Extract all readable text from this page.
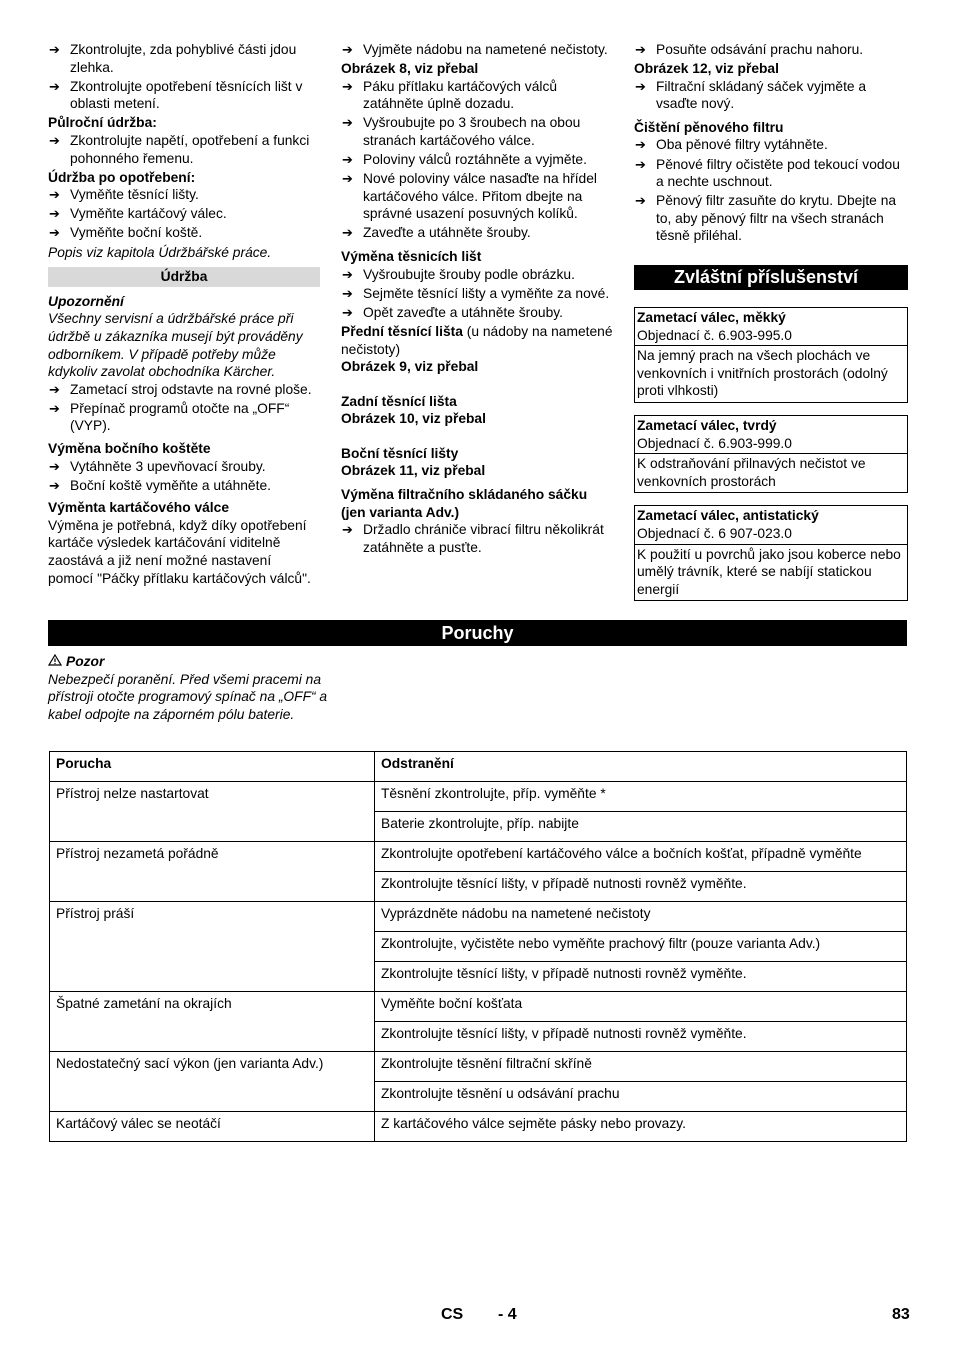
➔ Zkontrolujte, zda pohyblivé části jdou zlehka.
➔ Zkontrolujte opotřebení těsnících lišt v oblasti metení.
Půlroční údržba:
➔ Zkontrolujte napětí, opotřebení a funkci pohonného řemenu.
Údržba po opotřebení:
➔ Vyměňte těsnící lišty.
➔ Vyměňte kartáčový válec.
➔ Vyměňte boční koště.
Popis viz kapitola Údržbářské práce.
Údržba
Upozornění
Všechny servisní a údržbářské práce při údržbě u zákazníka musejí být prováděny odborníkem. V případě potřeby může kdykoliv zavolat obchodníka Kärcher.
➔ Zametací stroj odstavte na rovné ploše.
➔ Přepínač programů otočte na „OFF“ (VYP).
Výměna bočního koštěte
➔ Vytáhněte 3 upevňovací šrouby.
➔ Boční koště vyměňte a utáhněte.
Výměnta kartáčového válce
Výměna je potřebná, když díky opotřebení kartáče výsledek kartáčování viditelně zaostává a již není možné nastavení pomocí "Páčky přítlaku kartáčových válců".
➔ Vyjměte nádobu na nametené nečistoty.
Obrázek 8, viz přebal
➔ Páku přítlaku kartáčových válců zatáhněte úplně dozadu.
➔ Vyšroubujte po 3 šroubech na obou stranách kartáčového válce.
➔ Poloviny válců roztáhněte a vyjměte.
➔ Nové poloviny válce nasaďte na hřídel kartáčového válce. Přitom dbejte na správné usazení posuvných kolíků.
➔ Zaveďte a utáhněte šrouby.
Výměna těsnicích lišt
➔ Vyšroubujte šrouby podle obrázku.
➔ Sejměte těsnící lišty a vyměňte za nové.
➔ Opět zaveďte a utáhněte šrouby.
Přední těsnící lišta (u nádoby na nametené nečistoty)
Obrázek 9, viz přebal
Zadní těsnící lišta
Obrázek 10, viz přebal
Boční těsnící lišty
Obrázek 11, viz přebal
Výměna filtračního skládaného sáčku (jen varianta Adv.)
➔ Držadlo chrániče vibrací filtru několikrát zatáhněte a pusťte.
➔ Posuňte odsávání prachu nahoru.
Obrázek 12, viz přebal
➔ Filtrační skládaný sáček vyjměte a vsaďte nový.
Čištění pěnového filtru
➔ Oba pěnové filtry vytáhněte.
➔ Pěnové filtry očistěte pod tekoucí vodou a nechte uschnout.
➔ Pěnový filtr zasuňte do krytu. Dbejte na to, aby pěnový filtr na všech stranách těsně přiléhal.
Zvláštní příslušenství
Zametací válec, měkký
Objednací č. 6.903-995.0
Na jemný prach na všech plochách ve venkovních i vnitřních prostorách (odolný proti vlhkosti)
Zametací válec, tvrdý
Objednací č. 6.903-999.0
K odstraňování přilnavých nečistot ve venkovních prostorách
Zametací válec, antistatický
Objednací č. 6 907-023.0
K použití u povrchů jako jsou koberce nebo umělý trávník, které se nabíjí statickou energií
Poruchy
Pozor
Nebezpečí poranění. Před všemi pracemi na přístroji otočte programový spínač na „OFF“ a kabel odpojte na záporném pólu baterie.
Porucha	Odstranění
Přístroj nelze nastartovat	Těsnění zkontrolujte, příp. vyměňte *
	Baterie zkontrolujte, příp. nabijte
Přístroj nezametá pořádně	Zkontrolujte opotřebení kartáčového válce a bočních košťat, případně vyměňte
	Zkontrolujte těsnící lišty, v případě nutnosti rovněž vyměňte.
Přístroj práší	Vyprázdněte nádobu na nametené nečistoty
	Zkontrolujte, vyčistěte nebo vyměňte prachový filtr (pouze varianta Adv.)
	Zkontrolujte těsnící lišty, v případě nutnosti rovněž vyměňte.
Špatné zametání na okrajích	Vyměňte boční košťata
	Zkontrolujte těsnící lišty, v případě nutnosti rovněž vyměňte.
Nedostatečný sací výkon (jen varianta Adv.)	Zkontrolujte těsnění filtrační skříně
	Zkontrolujte těsnění u odsávání prachu
Kartáčový válec se neotáčí	Z kartáčového válce sejměte pásky nebo provazy.
CS - 4	83
